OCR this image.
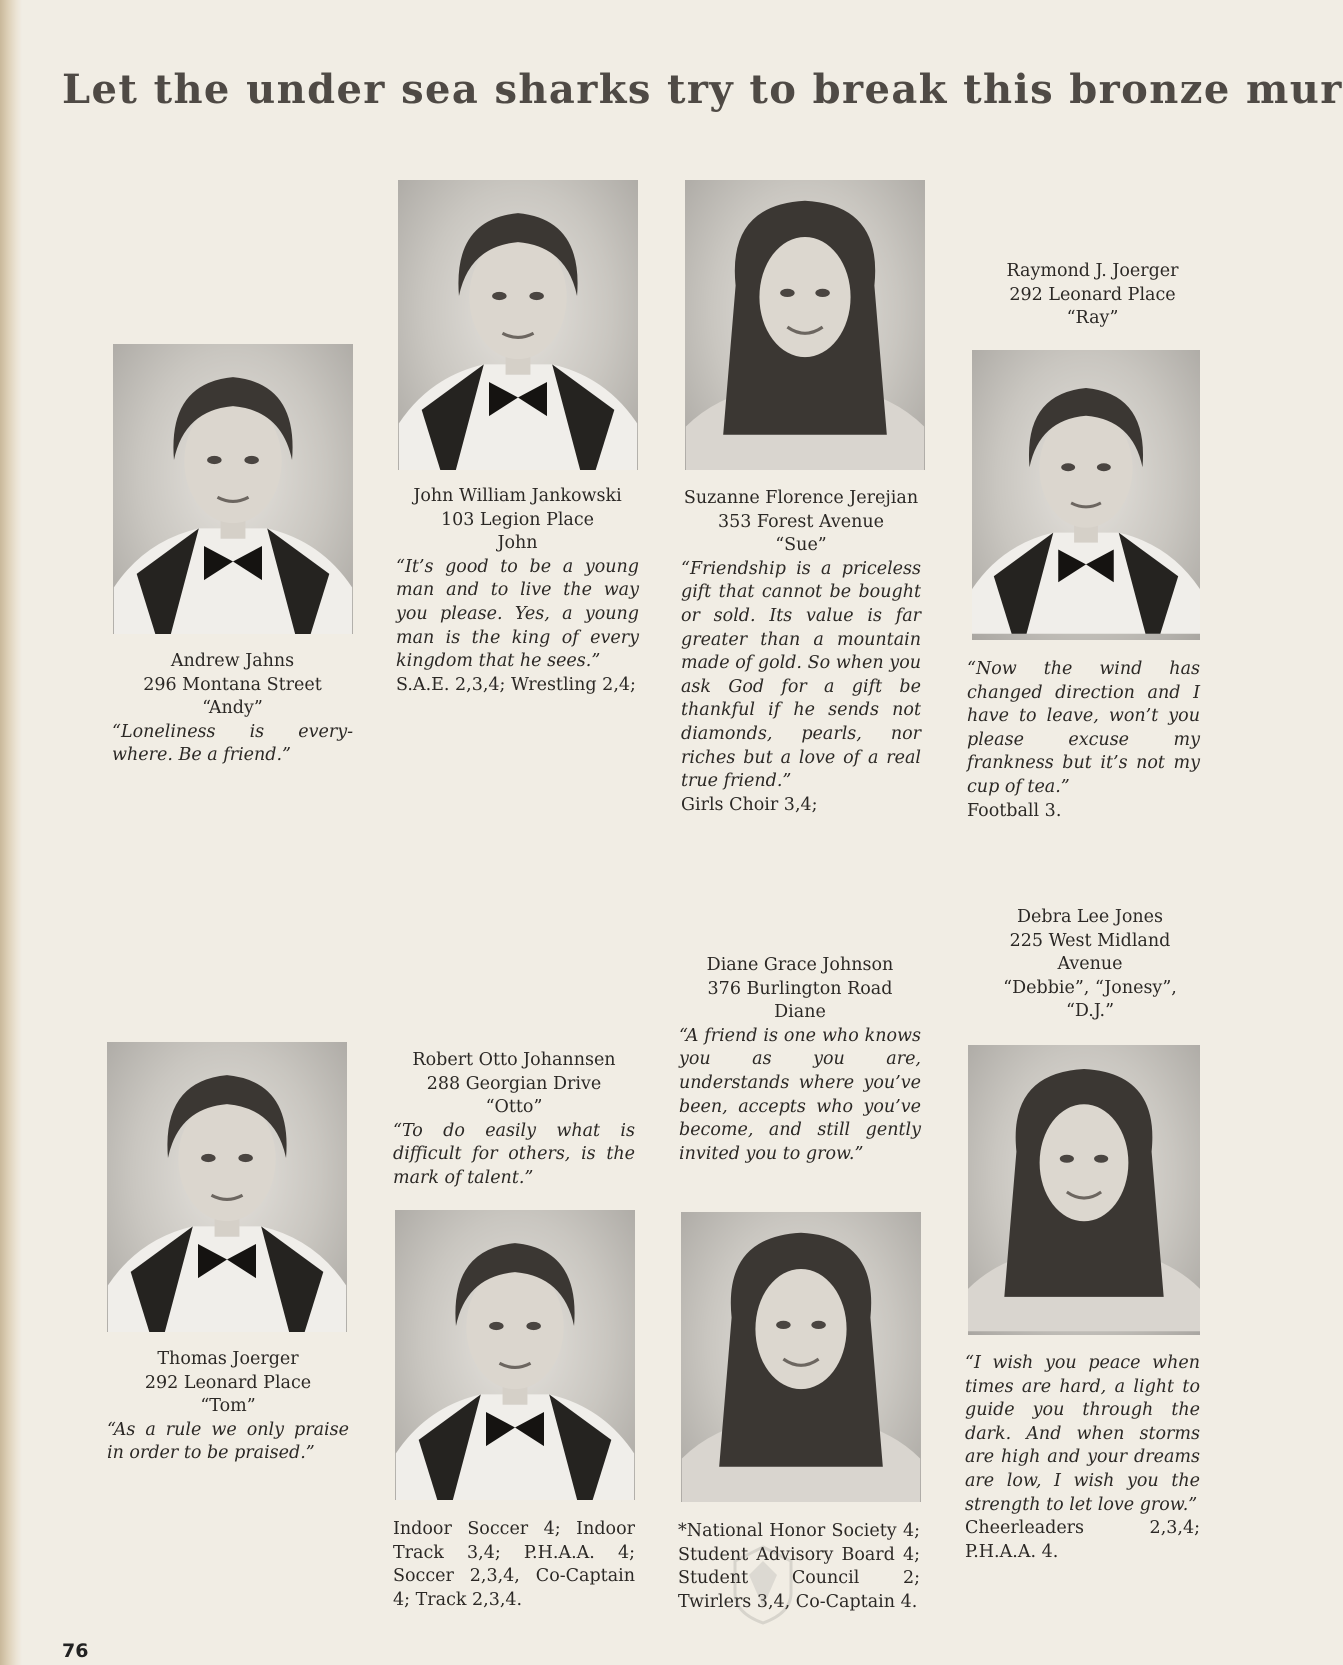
Let the under sea sharks try to break this bronze mur
Andrew Jahns
296 Montana Street
“Andy”
“Loneliness is every-where. Be a friend.”
John William Jankowski
103 Legion Place
John
“It’s good to be a young man and to live the way you please. Yes, a young man is the king of every kingdom that he sees.”
S.A.E. 2,3,4; Wrestling 2,4;
Suzanne Florence Jerejian
353 Forest Avenue
“Sue”
“Friendship is a priceless gift that cannot be bought or sold. Its value is far greater than a mountain made of gold. So when you ask God for a gift be thankful if he sends not diamonds, pearls, nor riches but a love of a real true friend.”
Girls Choir 3,4;
Raymond J. Joerger
292 Leonard Place
“Ray”
“Now the wind has changed direction and I have to leave, won’t you please excuse my frankness but it’s not my cup of tea.”
Football 3.
Thomas Joerger
292 Leonard Place
“Tom”
“As a rule we only praise in order to be praised.”
Robert Otto Johannsen
288 Georgian Drive
“Otto”
“To do easily what is difficult for others, is the mark of talent.”
Indoor Soccer 4; Indoor Track 3,4; P.H.A.A. 4; Soccer 2,3,4, Co-Captain 4; Track 2,3,4.
Diane Grace Johnson
376 Burlington Road
Diane
“A friend is one who knows you as you are, understands where you’ve been, accepts who you’ve become, and still gently invited you to grow.”
*National Honor Society 4; Student Advisory Board 4; Student Council 2; Twirlers 3,4, Co-Captain 4.
Debra Lee Jones
225 West Midland Avenue
“Debbie”, “Jonesy”, “D.J.”
“I wish you peace when times are hard, a light to guide you through the dark. And when storms are high and your dreams are low, I wish you the strength to let love grow.”
Cheerleaders 2,3,4; P.H.A.A. 4.
76
